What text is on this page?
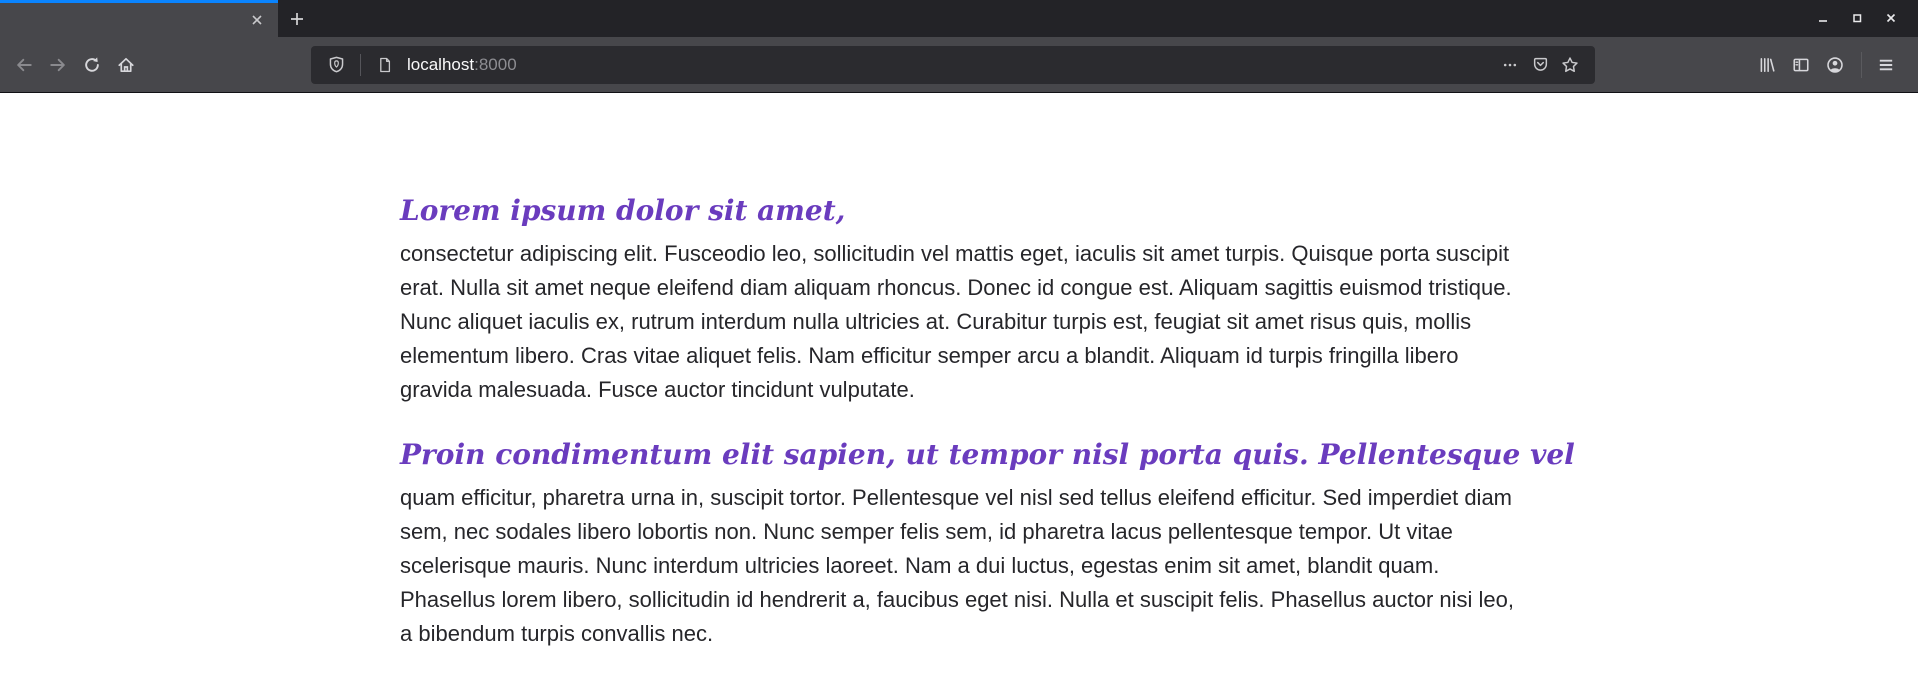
localhost:8000
Lorem ipsum dolor sit amet,

consectetur adipiscing elit. Fusceodio leo, sollicitudin vel mattis eget, iaculis sit amet turpis. Quisque porta suscipit erat. Nulla sit amet neque eleifend diam aliquam rhoncus. Donec id congue est. Aliquam sagittis euismod tristique. Nunc aliquet iaculis ex, rutrum interdum nulla ultricies at. Curabitur turpis est, feugiat sit amet risus quis, mollis elementum libero. Cras vitae aliquet felis. Nam efficitur semper arcu a blandit. Aliquam id turpis fringilla libero gravida malesuada. Fusce auctor tincidunt vulputate.

Proin condimentum elit sapien, ut tempor nisl porta quis. Pellentesque vel

quam efficitur, pharetra urna in, suscipit tortor. Pellentesque vel nisl sed tellus eleifend efficitur. Sed imperdiet diam sem, nec sodales libero lobortis non. Nunc semper felis sem, id pharetra lacus pellentesque tempor. Ut vitae scelerisque mauris. Nunc interdum ultricies laoreet. Nam a dui luctus, egestas enim sit amet, blandit quam. Phasellus lorem libero, sollicitudin id hendrerit a, faucibus eget nisi. Nulla et suscipit felis. Phasellus auctor nisi leo, a bibendum turpis convallis nec.
